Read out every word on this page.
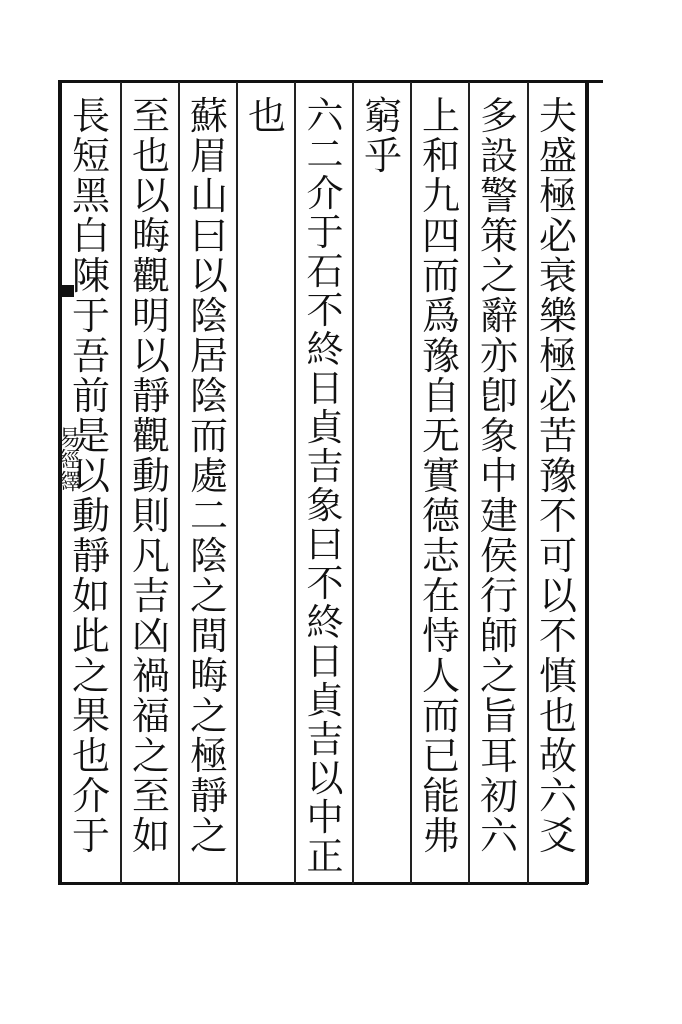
易經繹
夫
盛
極
必
衰
樂
極
必
苦
豫
不
可
以
不
慎
也
故
六
爻
多
設
警
策
之
辭
亦
卽
象
中
建
侯
行
師
之
旨
耳
初
六
上
和
九
四
而
爲
豫
自
无
實
德
志
在
恃
人
而
已
能
弗
窮
乎
六
二
介
于
石
不
終
日
貞
吉
象
曰
不
終
日
貞
吉
以
中
正
也
蘇
眉
山
曰
以
陰
居
陰
而
處
二
陰
之
間
晦
之
極
靜
之
至
也
以
晦
觀
明
以
靜
觀
動
則
凡
吉
凶
禍
福
之
至
如
長
短
黑
白
陳
于
吾
前
是
以
動
靜
如
此
之
果
也
介
于
